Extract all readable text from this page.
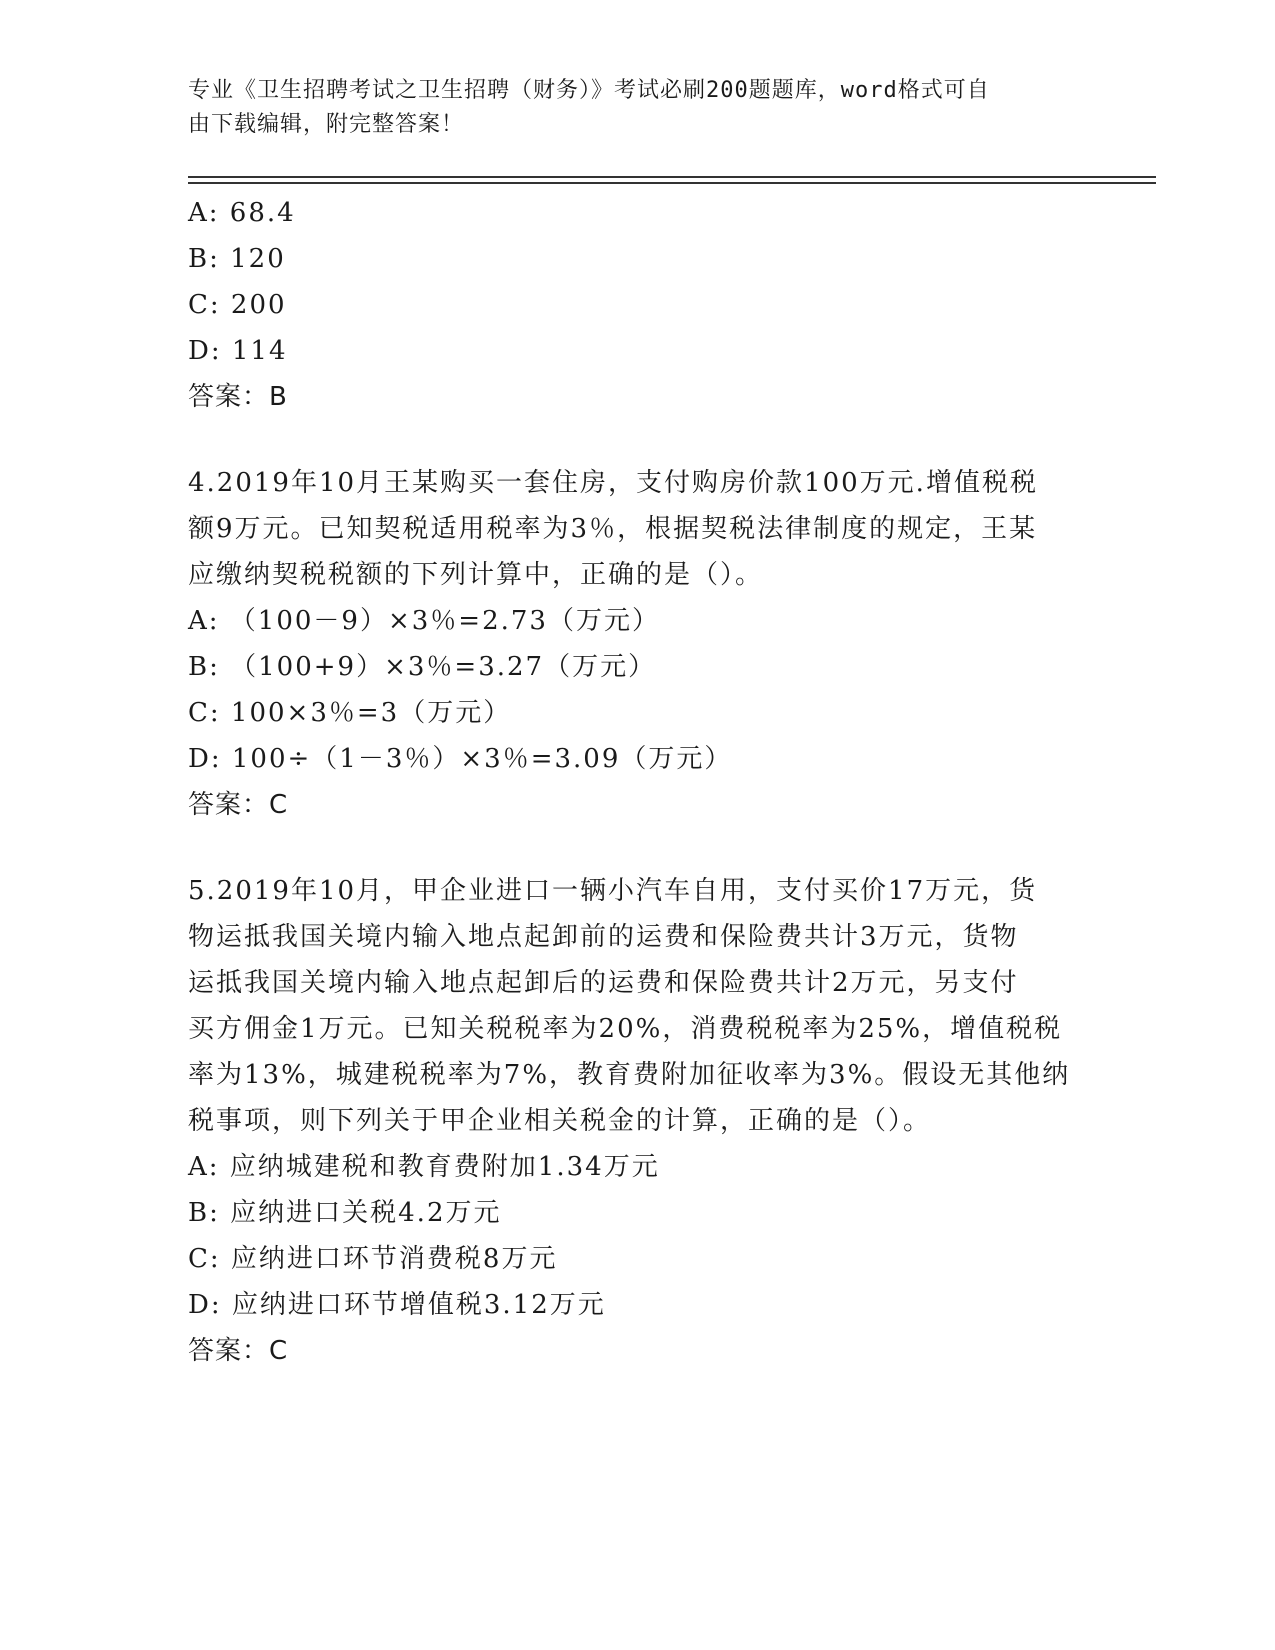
专业《卫生招聘考试之卫生招聘（财务）》考试必刷200题题库，word格式可自
由下载编辑，附完整答案！
A: 68.4
B: 120
C: 200
D: 114
答案：B
4.2019年10月王某购买一套住房，支付购房价款100万元.增值税税
额9万元。已知契税适用税率为3％，根据契税法律制度的规定，王某
应缴纳契税税额的下列计算中，正确的是（）。
A: （100－9）×3％=2.73（万元）
B: （100+9）×3％=3.27（万元）
C: 100×3％=3（万元）
D: 100÷（1－3％）×3％=3.09（万元）
答案：C
5.2019年10月，甲企业进口一辆小汽车自用，支付买价17万元，货
物运抵我国关境内输入地点起卸前的运费和保险费共计3万元，货物
运抵我国关境内输入地点起卸后的运费和保险费共计2万元，另支付
买方佣金1万元。已知关税税率为20%，消费税税率为25%，增值税税
率为13%，城建税税率为7%，教育费附加征收率为3%。假设无其他纳
税事项，则下列关于甲企业相关税金的计算，正确的是（）。
A: 应纳城建税和教育费附加1.34万元
B: 应纳进口关税4.2万元
C: 应纳进口环节消费税8万元
D: 应纳进口环节增值税3.12万元
答案：C
